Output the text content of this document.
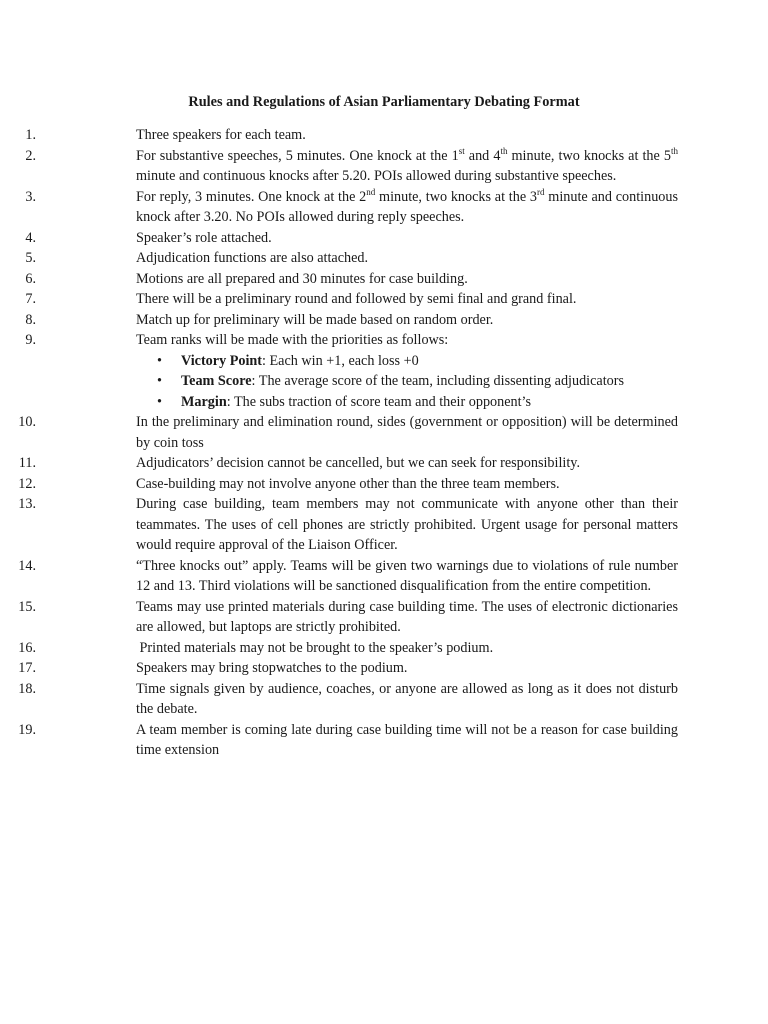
Rules and Regulations of Asian Parliamentary Debating Format
1.	Three speakers for each team.
2.	For substantive speeches, 5 minutes. One knock at the 1st and 4th minute, two knocks at the 5th minute and continuous knocks after 5.20. POIs allowed during substantive speeches.
3.	For reply, 3 minutes. One knock at the 2nd minute, two knocks at the 3rd minute and continuous knock after 3.20. No POIs allowed during reply speeches.
4.	Speaker’s role attached.
5.	Adjudication functions are also attached.
6.	Motions are all prepared and 30 minutes for case building.
7.	There will be a preliminary round and followed by semi final and grand final.
8.	Match up for preliminary will be made based on random order.
9.	Team ranks will be made with the priorities as follows:
• Victory Point: Each win +1, each loss +0
• Team Score: The average score of the team, including dissenting adjudicators
• Margin: The subs traction of score team and their opponent’s
10.	In the preliminary and elimination round, sides (government or opposition) will be determined by coin toss
11.	Adjudicators’ decision cannot be cancelled, but we can seek for responsibility.
12.	Case-building may not involve anyone other than the three team members.
13.	During case building, team members may not communicate with anyone other than their teammates. The uses of cell phones are strictly prohibited. Urgent usage for personal matters would require approval of the Liaison Officer.
14.	“Three knocks out” apply. Teams will be given two warnings due to violations of rule number 12 and 13. Third violations will be sanctioned disqualification from the entire competition.
15.	Teams may use printed materials during case building time. The uses of electronic dictionaries are allowed, but laptops are strictly prohibited.
16.	Printed materials may not be brought to the speaker’s podium.
17.	Speakers may bring stopwatches to the podium.
18.	Time signals given by audience, coaches, or anyone are allowed as long as it does not disturb the debate.
19.	A team member is coming late during case building time will not be a reason for case building time extension
